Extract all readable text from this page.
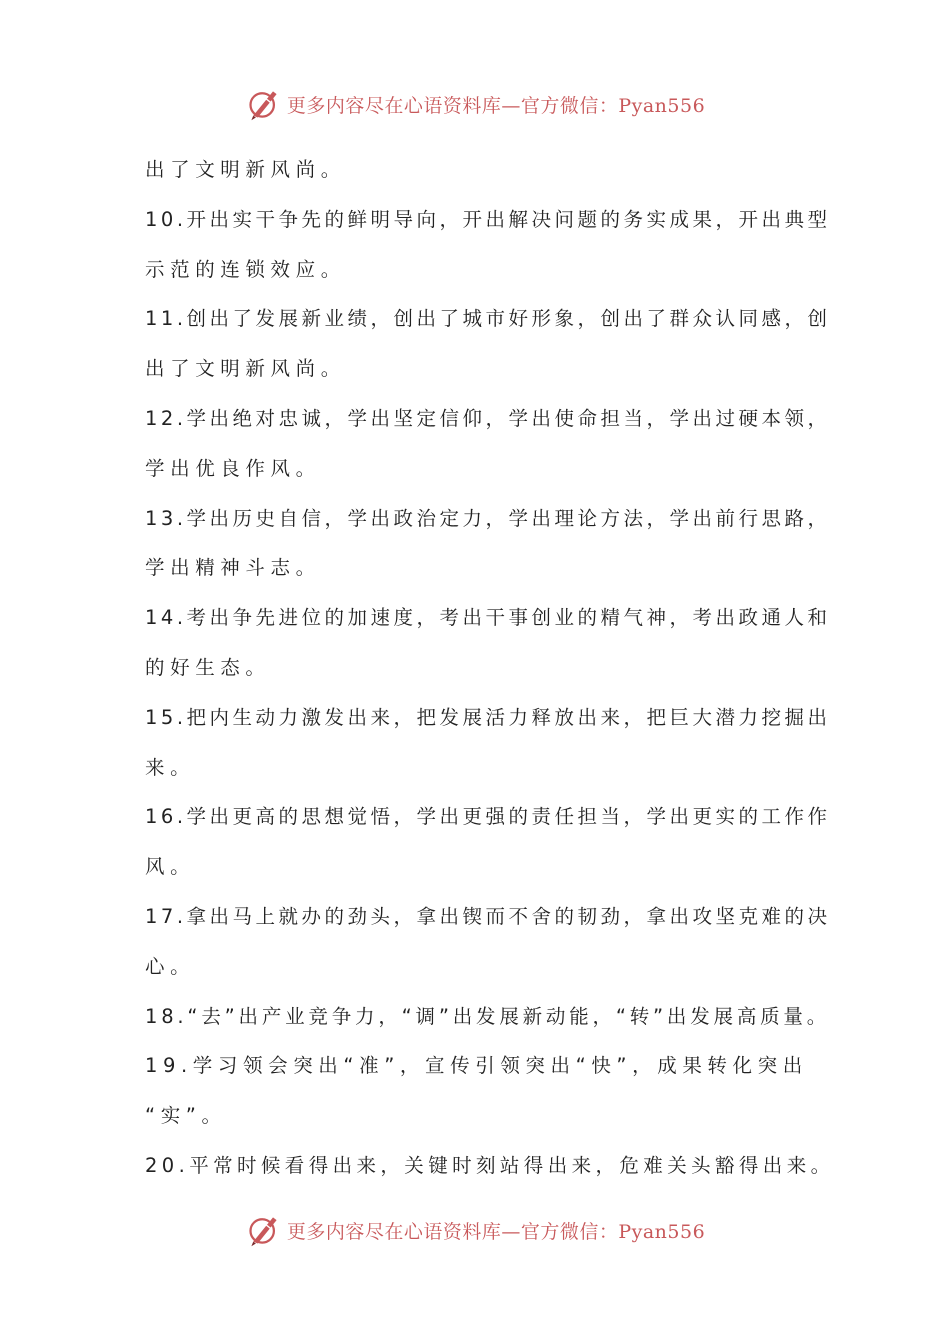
更多内容尽在心语资料库—官方微信：Pyan556
出了文明新风尚。
10.开出实干争先的鲜明导向，开出解决问题的务实成果，开出典型
示范的连锁效应。
11.创出了发展新业绩，创出了城市好形象，创出了群众认同感，创
出了文明新风尚。
12.学出绝对忠诚，学出坚定信仰，学出使命担当，学出过硬本领，
学出优良作风。
13.学出历史自信，学出政治定力，学出理论方法，学出前行思路，
学出精神斗志。
14.考出争先进位的加速度，考出干事创业的精气神，考出政通人和
的好生态。
15.把内生动力激发出来，把发展活力释放出来，把巨大潜力挖掘出
来。
16.学出更高的思想觉悟，学出更强的责任担当，学出更实的工作作
风。
17.拿出马上就办的劲头，拿出锲而不舍的韧劲，拿出攻坚克难的决
心。
18.“去”出产业竞争力，“调”出发展新动能，“转”出发展高质量。
19.学习领会突出“准”，宣传引领突出“快”，成果转化突出
“实”。
20.平常时候看得出来，关键时刻站得出来，危难关头豁得出来。
更多内容尽在心语资料库—官方微信：Pyan556
